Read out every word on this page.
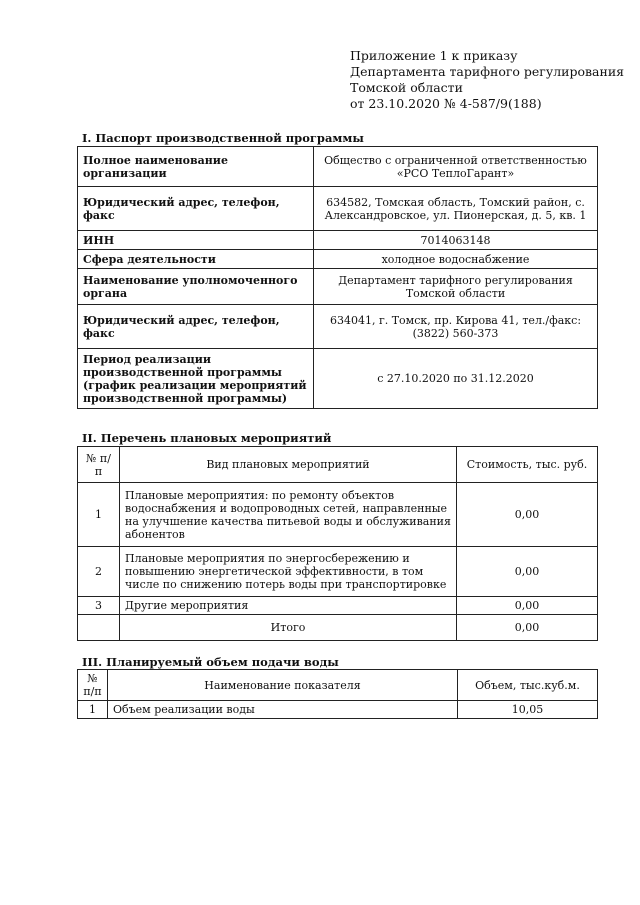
Приложение 1 к приказу
Департамента тарифного регулирования
Томской области
от 23.10.2020 № 4-587/9(188)
I. Паспорт производственной программы
Полное наименование организации	Общество с ограниченной ответственностью «РСО ТеплоГарант»
Юридический адрес, телефон, факс	634582, Томская область, Томский район, с. Александровское, ул. Пионерская, д. 5, кв. 1
ИНН	7014063148
Сфера деятельности	холодное водоснабжение
Наименование уполномоченного органа	Департамент тарифного регулирования Томской области
Юридический адрес, телефон, факс	634041, г. Томск, пр. Кирова 41, тел./факс: (3822) 560-373
Период реализации производственной программы (график реализации мероприятий производственной программы)	с 27.10.2020 по 31.12.2020
II. Перечень плановых мероприятий
№ п/п	Вид плановых мероприятий	Стоимость, тыс. руб.
1	Плановые мероприятия: по ремонту объектов водоснабжения и водопроводных сетей, направленные на улучшение качества питьевой воды и обслуживания абонентов	0,00
2	Плановые мероприятия по энергосбережению и повышению энергетической эффективности, в том числе по снижению потерь воды при транспортировке	0,00
3	Другие мероприятия	0,00
	Итого	0,00
III. Планируемый объем подачи воды
№ п/п	Наименование показателя	Объем, тыс.куб.м.
1	Объем реализации воды	10,05
